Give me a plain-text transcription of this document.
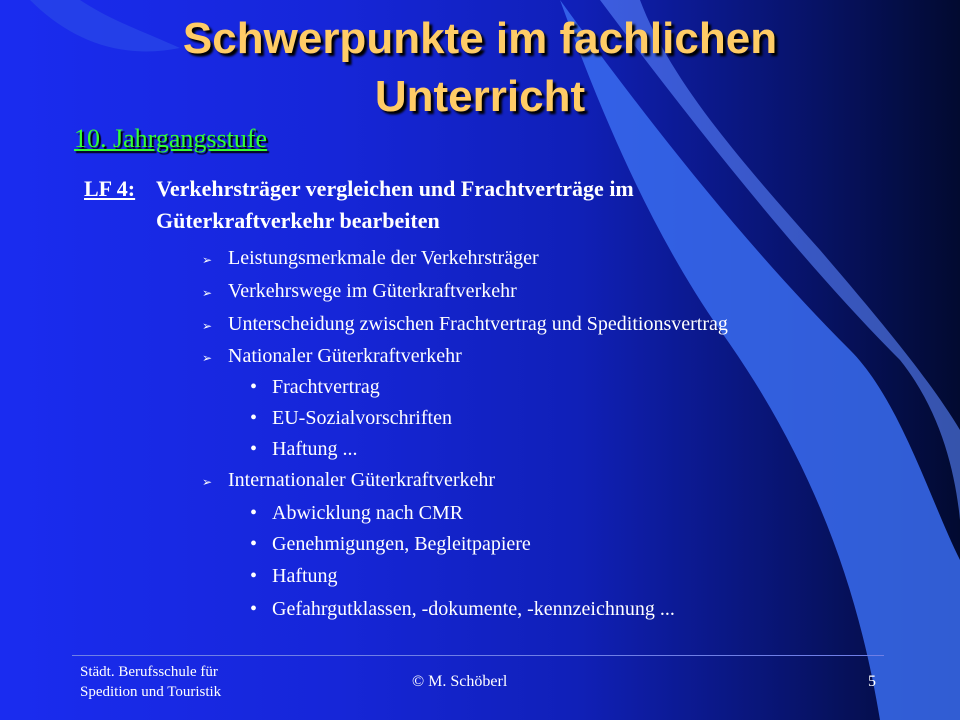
Schwerpunkte im fachlichen
Unterricht
10. Jahrgangsstufe
LF 4: Verkehrsträger vergleichen und Frachtverträge im
Güterkraftverkehr bearbeiten
➢ Leistungsmerkmale der Verkehrsträger
➢ Verkehrswege im Güterkraftverkehr
➢ Unterscheidung zwischen Frachtvertrag und Speditionsvertrag
➢ Nationaler Güterkraftverkehr
• Frachtvertrag
• EU-Sozialvorschriften
• Haftung ...
➢ Internationaler Güterkraftverkehr
• Abwicklung nach CMR
• Genehmigungen, Begleitpapiere
• Haftung
• Gefahrgutklassen, -dokumente, -kennzeichnung ...
Städt. Berufsschule für
Spedition und Touristik
© M. Schöberl	5
